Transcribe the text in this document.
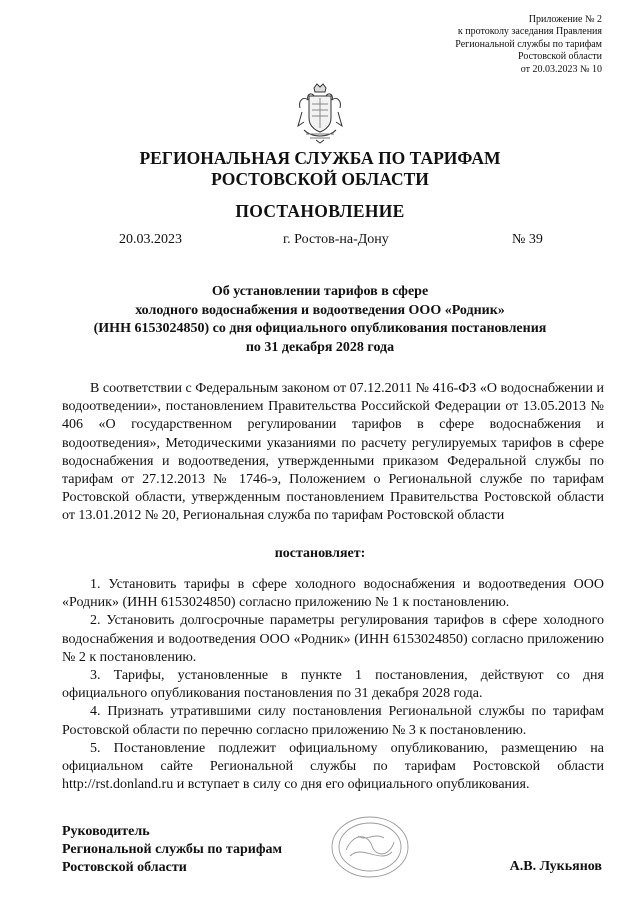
Приложение № 2
к протоколу заседания Правления
Региональной службы по тарифам
Ростовской области
от 20.03.2023 № 10
РЕГИОНАЛЬНАЯ СЛУЖБА ПО ТАРИФАМ
РОСТОВСКОЙ ОБЛАСТИ
ПОСТАНОВЛЕНИЕ
20.03.2023	г. Ростов-на-Дону	№ 39
Об установлении тарифов в сфере
холодного водоснабжения и водоотведения ООО «Родник»
(ИНН 6153024850) со дня официального опубликования постановления
по 31 декабря 2028 года

В соответствии с Федеральным законом от 07.12.2011 № 416-ФЗ «О водоснабжении и водоотведении», постановлением Правительства Российской Федерации от 13.05.2013 № 406 «О государственном регулировании тарифов в сфере водоснабжения и водоотведения», Методическими указаниями по расчету регулируемых тарифов в сфере водоснабжения и водоотведения, утвержденными приказом Федеральной службы по тарифам от 27.12.2013 № 1746-э, Положением о Региональной службе по тарифам Ростовской области, утвержденным постановлением Правительства Ростовской области от 13.01.2012 № 20, Региональная служба по тарифам Ростовской области

постановляет:

1. Установить тарифы в сфере холодного водоснабжения и водоотведения ООО «Родник» (ИНН 6153024850) согласно приложению № 1 к постановлению.

2. Установить долгосрочные параметры регулирования тарифов в сфере холодного водоснабжения и водоотведения ООО «Родник» (ИНН 6153024850) согласно приложению № 2 к постановлению.

3. Тарифы, установленные в пункте 1 постановления, действуют со дня официального опубликования постановления по 31 декабря 2028 года.

4. Признать утратившими силу постановления Региональной службы по тарифам Ростовской области по перечню согласно приложению № 3 к постановлению.

5. Постановление подлежит официальному опубликованию, размещению на официальном сайте Региональной службы по тарифам Ростовской области http://rst.donland.ru и вступает в силу со дня его официального опубликования.

Руководитель
Региональной службы по тарифам
Ростовской области	А.В. Лукьянов
